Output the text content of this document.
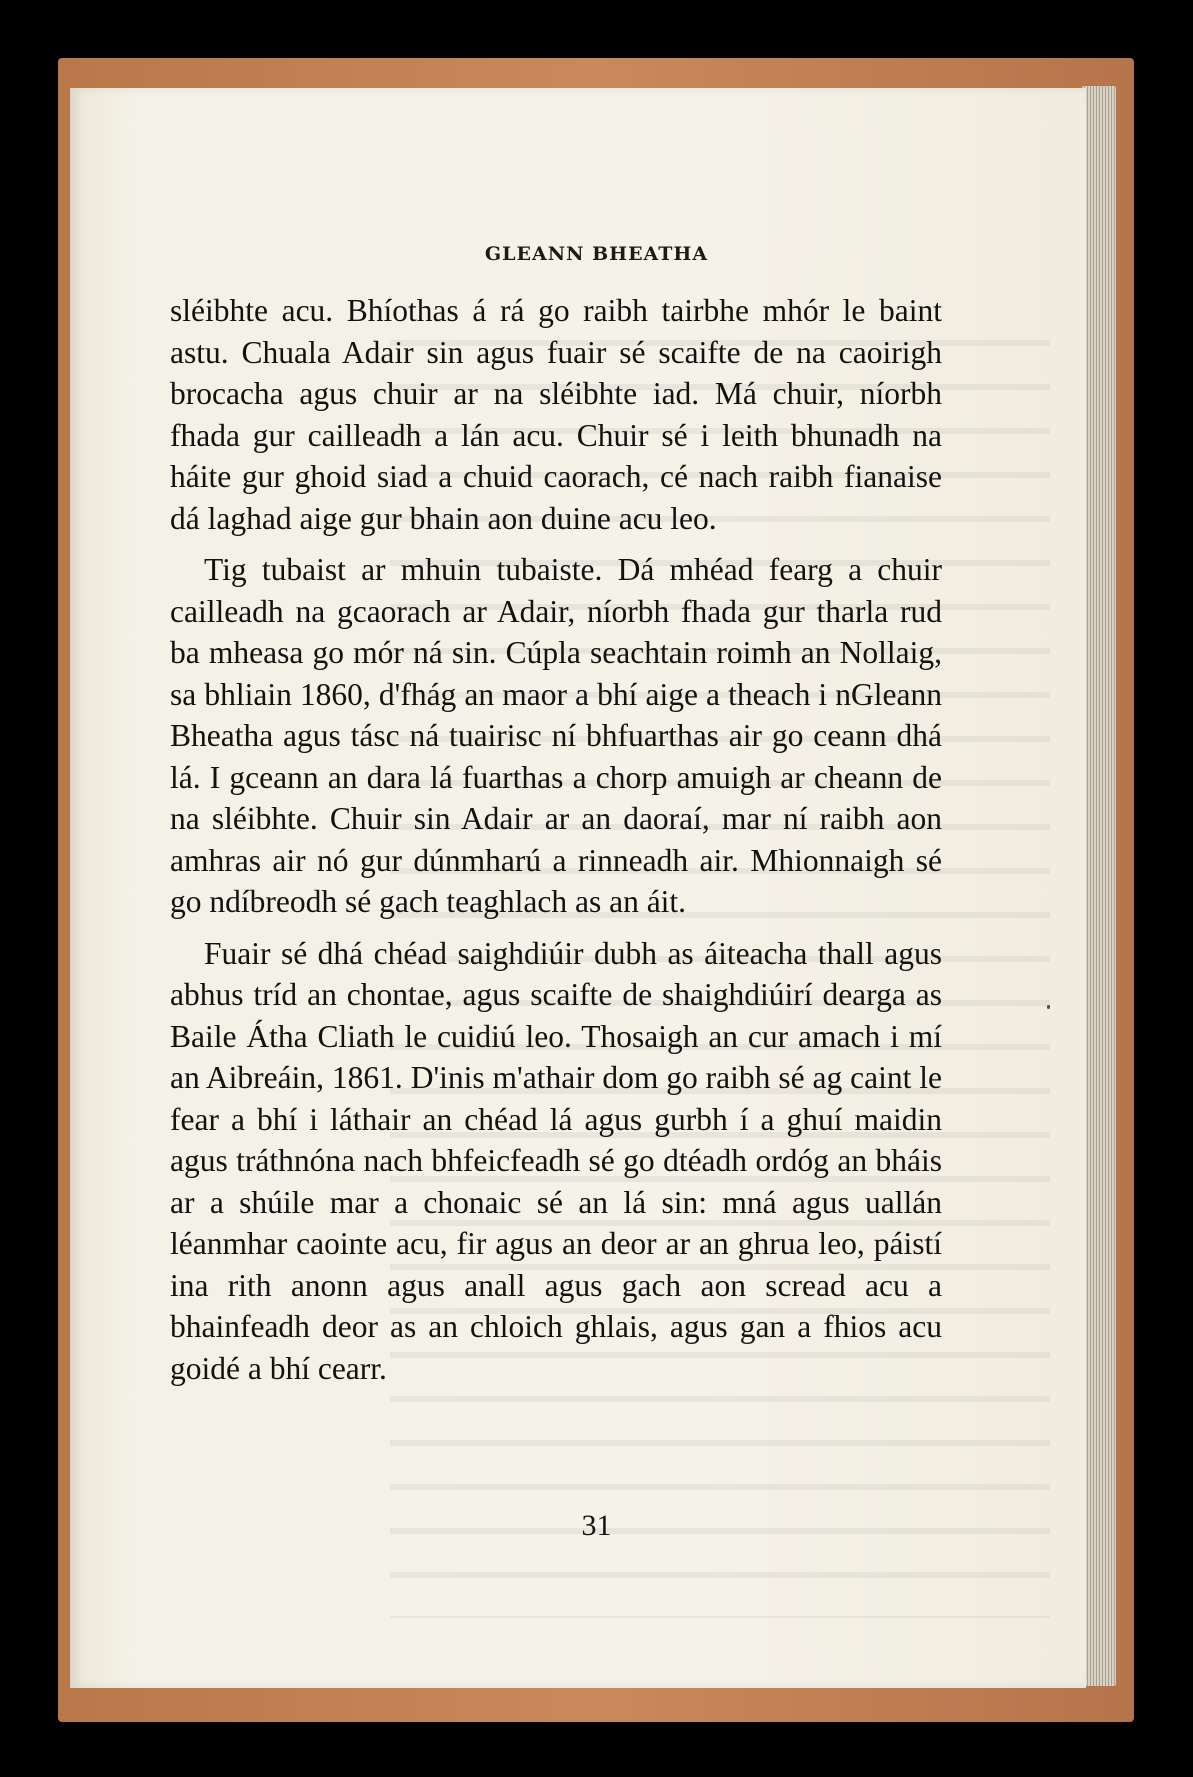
GLEANN BHEATHA

sléibhte acu. Bhíothas á rá go raibh tairbhe mhór le baint astu. Chuala Adair sin agus fuair sé scaifte de na caoirigh brocacha agus chuir ar na sléibhte iad. Má chuir, níorbh fhada gur cailleadh a lán acu. Chuir sé i leith bhunadh na háite gur ghoid siad a chuid caorach, cé nach raibh fianaise dá laghad aige gur bhain aon duine acu leo.

Tig tubaist ar mhuin tubaiste. Dá mhéad fearg a chuir cailleadh na gcaorach ar Adair, níorbh fhada gur tharla rud ba mheasa go mór ná sin. Cúpla seachtain roimh an Nollaig, sa bhliain 1860, d'fhág an maor a bhí aige a theach i nGleann Bheatha agus tásc ná tuairisc ní bhfuarthas air go ceann dhá lá. I gceann an dara lá fuarthas a chorp amuigh ar cheann de na sléibhte. Chuir sin Adair ar an daoraí, mar ní raibh aon amhras air nó gur dúnmharú a rinneadh air. Mhionnaigh sé go ndíbreodh sé gach teaghlach as an áit.

Fuair sé dhá chéad saighdiúir dubh as áiteacha thall agus abhus tríd an chontae, agus scaifte de shaighdiúirí dearga as Baile Átha Cliath le cuidiú leo. Thosaigh an cur amach i mí an Aibreáin, 1861. D'inis m'athair dom go raibh sé ag caint le fear a bhí i láthair an chéad lá agus gurbh í a ghuí maidin agus tráthnóna nach bhfeicfeadh sé go dtéadh ordóg an bháis ar a shúile mar a chonaic sé an lá sin: mná agus uallán léanmhar caointe acu, fir agus an deor ar an ghrua leo, páistí ina rith anonn agus anall agus gach aon scread acu a bhainfeadh deor as an chloich ghlais, agus gan a fhios acu goidé a bhí cearr.

31
